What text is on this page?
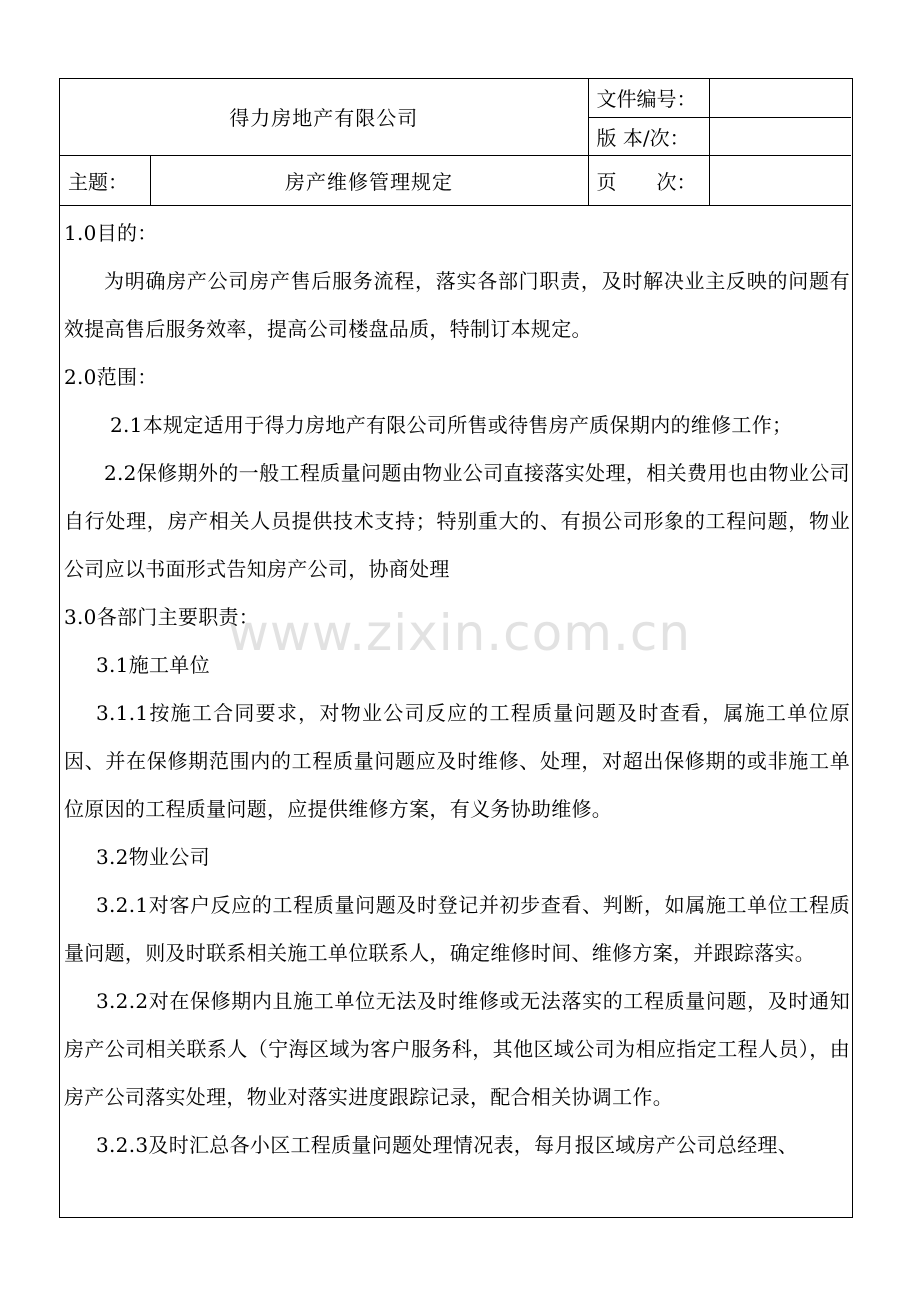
得力房地产有限公司		文件编号：	
		版 本/次：	
主题：	房产维修管理规定	页　　次：	

1.0目的：

为明确房产公司房产售后服务流程，落实各部门职责，及时解决业主反映的问题有效提高售后服务效率，提高公司楼盘品质，特制订本规定。

2.0范围：

2.1本规定适用于得力房地产有限公司所售或待售房产质保期内的维修工作；

2.2保修期外的一般工程质量问题由物业公司直接落实处理，相关费用也由物业公司自行处理，房产相关人员提供技术支持；特别重大的、有损公司形象的工程问题，物业公司应以书面形式告知房产公司，协商处理

3.0各部门主要职责：

3.1施工单位

3.1.1按施工合同要求，对物业公司反应的工程质量问题及时查看，属施工单位原因、并在保修期范围内的工程质量问题应及时维修、处理，对超出保修期的或非施工单位原因的工程质量问题，应提供维修方案，有义务协助维修。

3.2物业公司

3.2.1对客户反应的工程质量问题及时登记并初步查看、判断，如属施工单位工程质量问题，则及时联系相关施工单位联系人，确定维修时间、维修方案，并跟踪落实。

3.2.2对在保修期内且施工单位无法及时维修或无法落实的工程质量问题，及时通知房产公司相关联系人（宁海区域为客户服务科，其他区域公司为相应指定工程人员），由房产公司落实处理，物业对落实进度跟踪记录，配合相关协调工作。

3.2.3及时汇总各小区工程质量问题处理情况表，每月报区域房产公司总经理、

www.zixin.com.cn
